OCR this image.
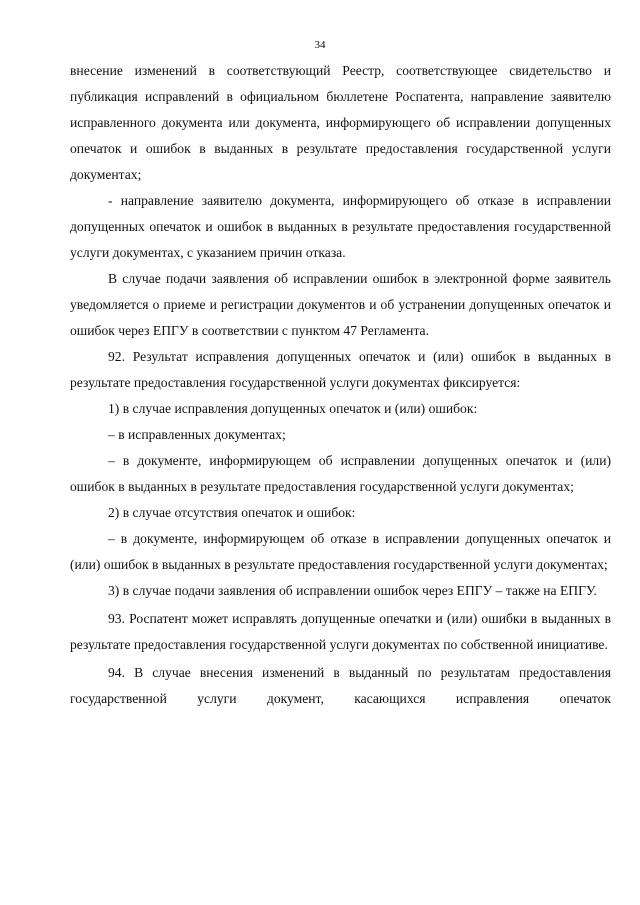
34

внесение изменений в соответствующий Реестр, соответствующее свидетельство и публикация исправлений в официальном бюллетене Роспатента, направление заявителю исправленного документа или документа, информирующего об исправлении допущенных опечаток и ошибок в выданных в результате предоставления государственной услуги документах;

- направление заявителю документа, информирующего об отказе в исправлении допущенных опечаток и ошибок в выданных в результате предоставления государственной услуги документах, с указанием причин отказа.

В случае подачи заявления об исправлении ошибок в электронной форме заявитель уведомляется о приеме и регистрации документов и об устранении допущенных опечаток и ошибок через ЕПГУ в соответствии с пунктом 47 Регламента.

92. Результат исправления допущенных опечаток и (или) ошибок в выданных в результате предоставления государственной услуги документах фиксируется:

1) в случае исправления допущенных опечаток и (или) ошибок:

– в исправленных документах;

– в документе, информирующем об исправлении допущенных опечаток и (или) ошибок в выданных в результате предоставления государственной услуги документах;

2) в случае отсутствия опечаток и ошибок:

– в документе, информирующем об отказе в исправлении допущенных опечаток и (или) ошибок в выданных в результате предоставления государственной услуги документах;

3) в случае подачи заявления об исправлении ошибок через ЕПГУ – также на ЕПГУ.

93. Роспатент может исправлять допущенные опечатки и (или) ошибки в выданных в результате предоставления государственной услуги документах по собственной инициативе.

94. В случае внесения изменений в выданный по результатам предоставления государственной услуги документ, касающихся исправления опечаток
